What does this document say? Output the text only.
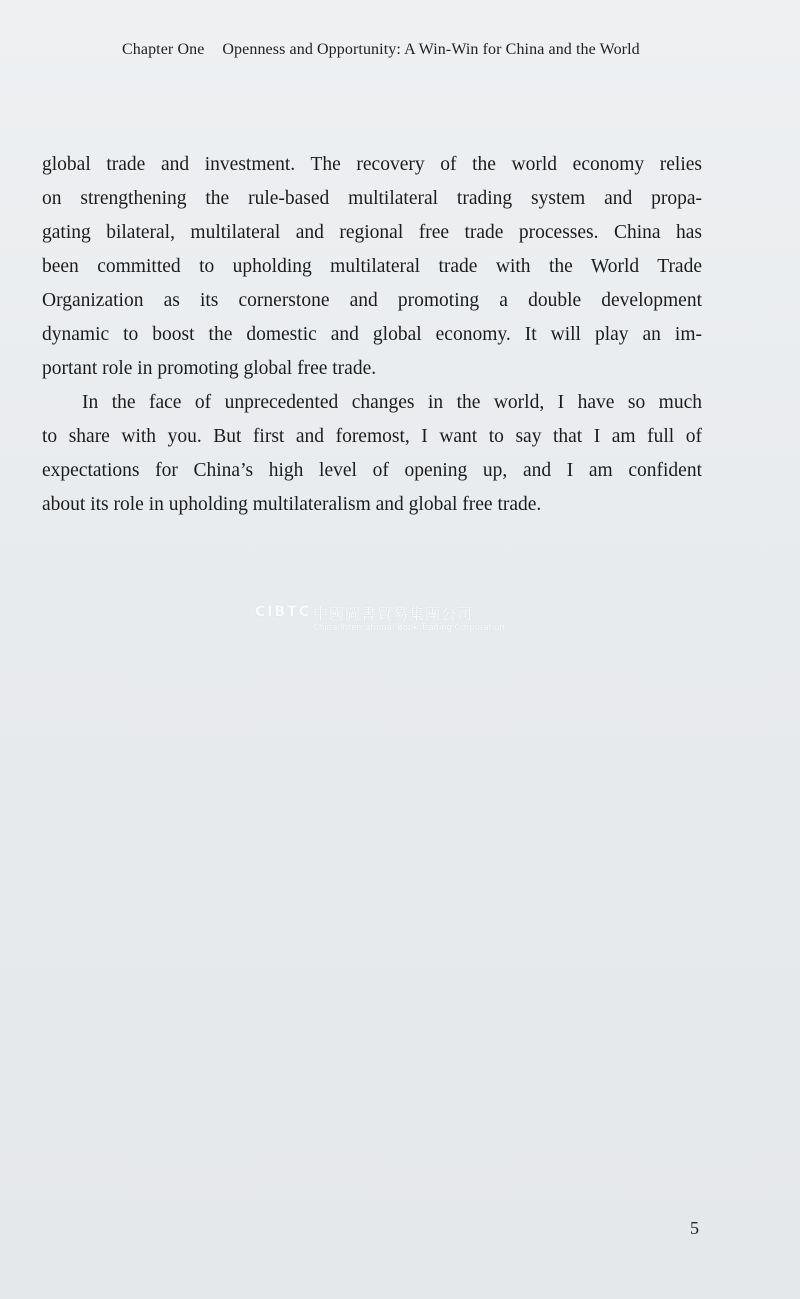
Chapter One Openness and Opportunity: A Win-Win for China and the World

global trade and investment. The recovery of the world economy relies

on strengthening the rule-based multilateral trading system and propa-

gating bilateral, multilateral and regional free trade processes. China has

been committed to upholding multilateral trade with the World Trade

Organization as its cornerstone and promoting a double development

dynamic to boost the domestic and global economy. It will play an im-

portant role in promoting global free trade.

In the face of unprecedented changes in the world, I have so much

to share with you. But first and foremost, I want to say that I am full of

expectations for China’s high level of opening up, and I am confident

about its role in upholding multilateralism and global free trade.

CIBTC 中國圖書貿易集團公司
China International Book Trading Corporation
5
